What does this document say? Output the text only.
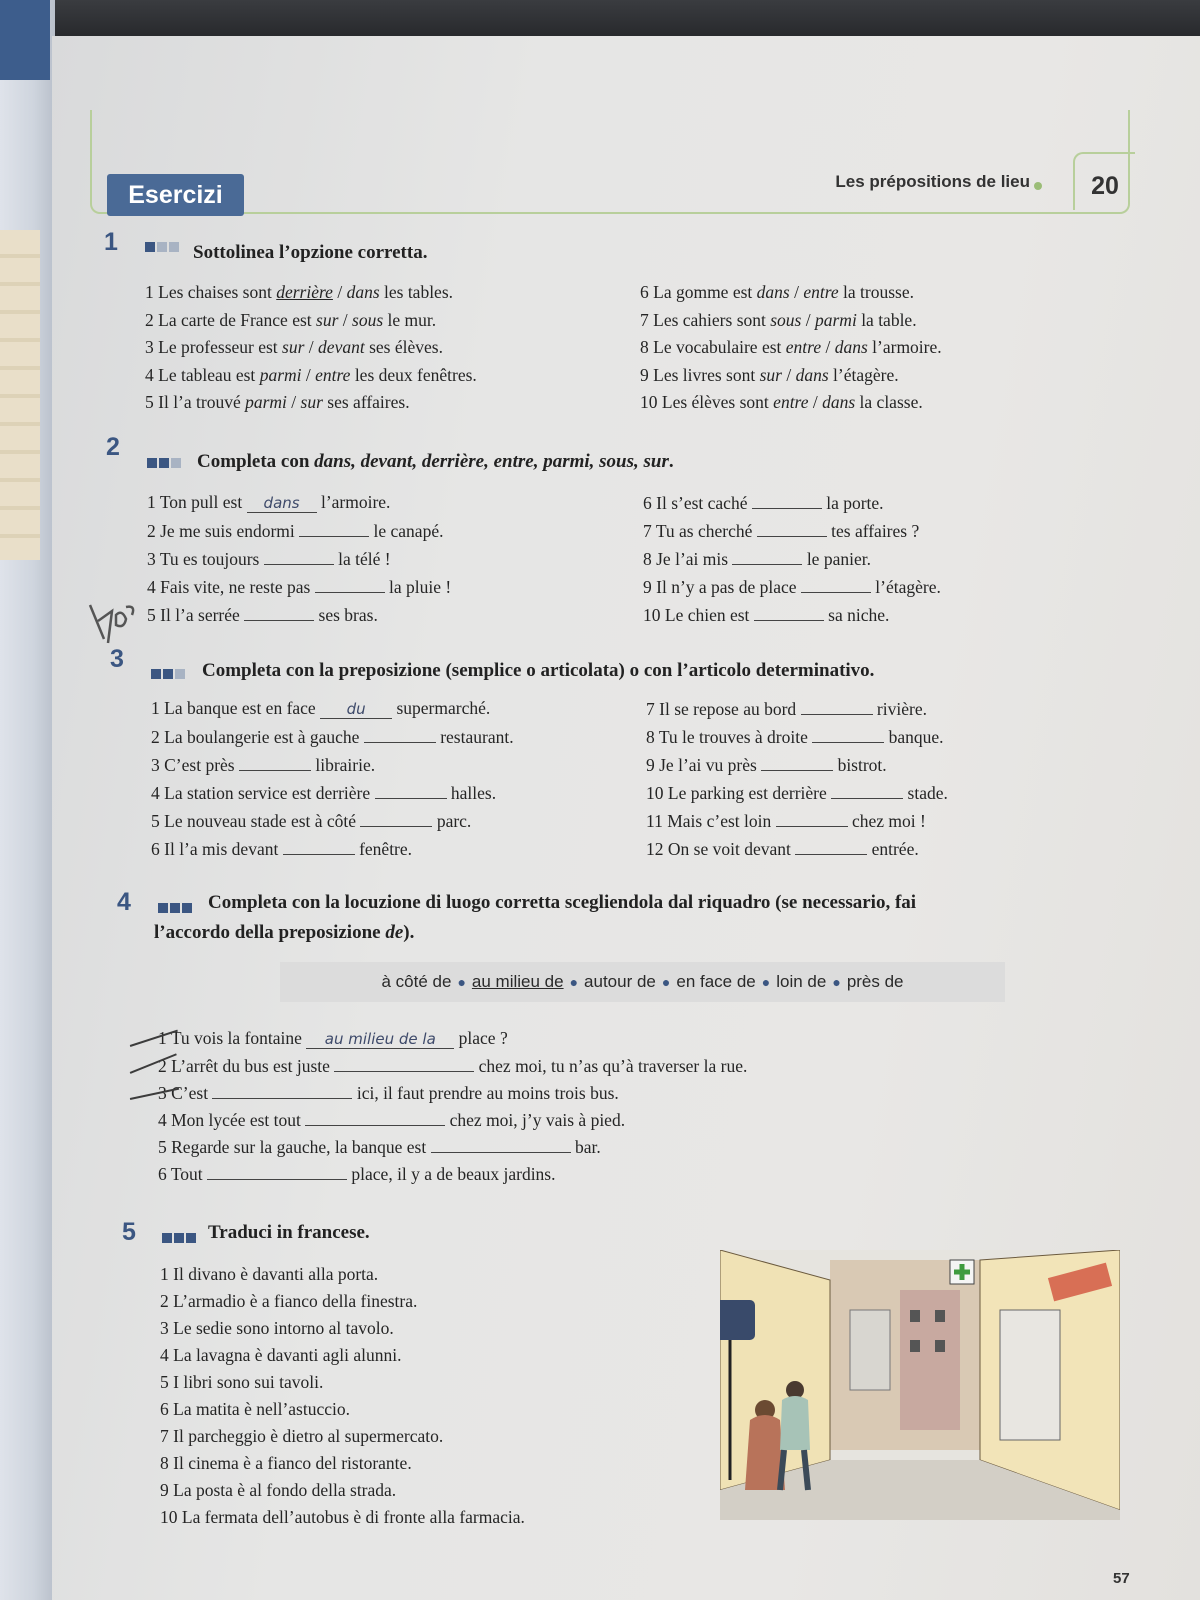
Esercizi	Les prépositions de lieu	20
1	Sottolinea l’opzione corretta.
1 Les chaises sont derrière / dans les tables.
2 La carte de France est sur / sous le mur.
3 Le professeur est sur / devant ses élèves.
4 Le tableau est parmi / entre les deux fenêtres.
5 Il l’a trouvé parmi / sur ses affaires.
6 La gomme est dans / entre la trousse.
7 Les cahiers sont sous / parmi la table.
8 Le vocabulaire est entre / dans l’armoire.
9 Les livres sont sur / dans l’étagère.
10 Les élèves sont entre / dans la classe.
2
Completa con dans, devant, derrière, entre, parmi, sous, sur.
1 Ton pull est dans l’armoire.
2 Je me suis endormi	le canapé.
3 Tu es toujours	la télé !
4 Fais vite, ne reste pas	la pluie !
5 Il l’a serrée	ses bras.
6 Il s’est caché	la porte.
7 Tu as cherché	tes affaires ?
8 Je l’ai mis	le panier.
9 Il n’y a pas de place	l’étagère.
10 Le chien est	sa niche.
3	Completa con la preposizione (semplice o articolata) o con l’articolo determinativo.
1 La banque est en face du supermarché.
2 La boulangerie est à gauche	restaurant.
3 C’est près	librairie.
4 La station service est derrière	halles.
5 Le nouveau stade est à côté	parc.
6 Il l’a mis devant	fenêtre.
7 Il se repose au bord	rivière.
8 Tu le trouves à droite	banque.
9 Je l’ai vu près	bistrot.
10 Le parking est derrière	stade.
11 Mais c’est loin	chez moi !
12 On se voit devant	entrée.
4	Completa con la locuzione di luogo corretta scegliendola dal riquadro (se necessario, fai
l’accordo della preposizione de).
à côté de ● au milieu de ● autour de ● en face de ● loin de ● près de
1 Tu vois la fontaine au milieu de la place ?
2 L’arrêt du bus est juste	chez moi, tu n’as qu’à traverser la rue.
3 C’est	ici, il faut prendre au moins trois bus.
4 Mon lycée est tout	chez moi, j’y vais à pied.
5 Regarde sur la gauche, la banque est	bar.
6 Tout	place, il y a de beaux jardins.
5	Traduci in francese.
1 Il divano è davanti alla porta.
2 L’armadio è a fianco della finestra.
3 Le sedie sono intorno al tavolo.
4 La lavagna è davanti agli alunni.
5 I libri sono sui tavoli.
6 La matita è nell’astuccio.
7 Il parcheggio è dietro al supermercato.
8 Il cinema è a fianco del ristorante.
9 La posta è al fondo della strada.
10 La fermata dell’autobus è di fronte alla farmacia.
57
